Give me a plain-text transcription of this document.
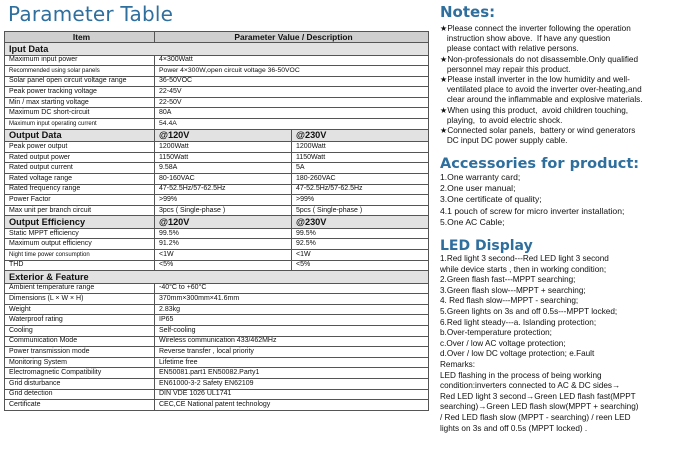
Parameter Table
Item	Parameter Value / Description	
Iput Data		
Maximum input power	4×300Watt	
Recommended using solar panels	Power 4×300W,open circuit voltage 36-50VOC	
Solar panel open circuit voltage range	36-50VOC	
Peak power tracking voltage	22-45V	
Min / max starting voltage	22-50V	
Maximum DC short-circuit	80A	
Maximum input operating current	54.4A	
Output Data	@120V	@230V
Peak power output	1200Watt	1200Watt
Rated output power	1150Watt	1150Watt
Rated output current	9.58A	5A
Rated voltage range	80-160VAC	180-260VAC
Rated frequency range	47-52.5Hz/57-62.5Hz	47-52.5Hz/57-62.5Hz
Power Factor	>99%	>99%
Max unit per branch circuit	3pcs ( Single-phase )	5pcs ( Single-phase )
Output Efficiency	@120V	@230V
Static MPPT efficiency	99.5%	99.5%
Maximum output efficiency	91.2%	92.5%
Night time power consumption	<1W	<1W
THD	<5%	<5%
Exterior & Feature		
Ambient temperature range	-40°C to +60°C	
Dimensions (L × W × H)	370mm×300mm×41.6mm	
Weight	2.83kg	
Waterproof rating	IP65	
Cooling	Self-cooling	
Communication Mode	Wireless communication 433/462MHz	
Power transmission mode	Reverse transfer , local priority	
Monitoring System	Lifetime free	
Electromagnetic Compatibility	EN50081.part1 EN50082.Party1	
Grid disturbance	EN61000-3-2 Safety EN62109	
Grid detection	DIN VDE 1026 UL1741	
Certificate	CEC,CE National patent technology	
Notes:
★Please connect the inverter following the operation
instruction show above.  If have any question
please contact with relative persons.
★Non-professionals do not disassemble.Only qualified
personnel may repair this product.
★Please install inverter in the low humidity and well-
ventilated place to avoid the inverter over-heating,and
clear around the inflammable and explosive materials.
★When using this product,  avoid children touching,
playing,  to avoid electric shock.
★Connected solar panels,  battery or wind generators
DC input DC power supply cable.
Accessories for product:
1.One warranty card;
2.One user manual;
3.One certificate of quality;
4.1 pouch of screw for micro inverter installation;
5.One AC Cable;
LED Display
1.Red light 3 second---Red LED light 3 second
while device starts , then in working condition;
2.Green flash fast---MPPT searching;
3.Green flash slow---MPPT + searching;
4. Red flash slow---MPPT - searching;
5.Green lights on 3s and off 0.5s---MPPT locked;
6.Red light steady---a. Islanding protection;
b.Over-temperature protection;
c.Over / low AC voltage protection;
d.Over / low DC voltage protection; e.Fault
Remarks:
LED flashing in the process of being working
condition:inverters connected to AC & DC sides→
Red LED light 3 second→Green LED flash fast(MPPT
searching)→Green LED flash slow(MPPT + searching)
/ Red LED flash slow (MPPT - searching) / reen LED
lights on 3s and off 0.5s (MPPT locked) .
